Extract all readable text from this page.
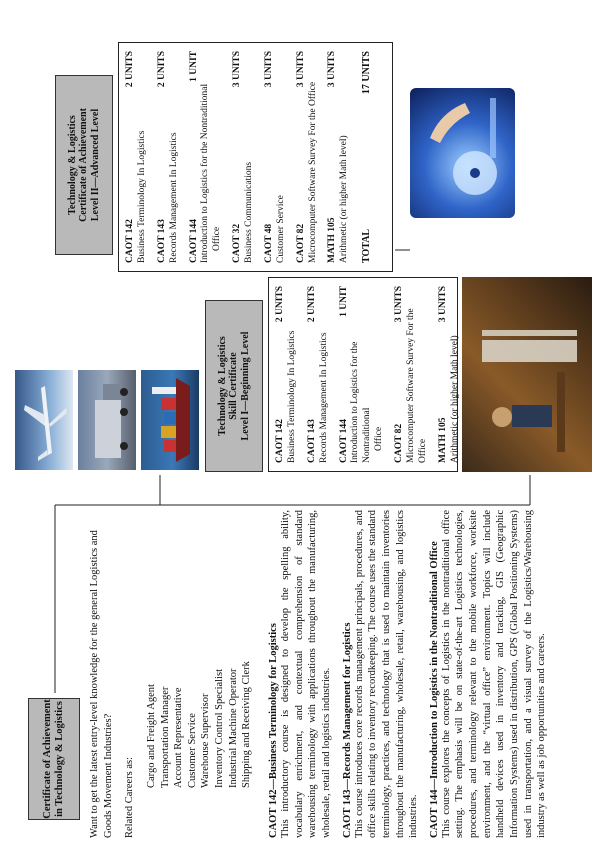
Certificate of Achievement in Technology & Logistics Want to get the latest entry-level knowledge for the general Logistics and Goods Movement Industries? Related Careers as:

Cargo and Freight Agent Transportation Manager Account Representative Customer Service Warehouse Supervisor Inventory Control Specialist Industrial Machine Operator Shipping and Receiving Clerk CAOT 142—Business Terminology for Logistics This introductory course is designed to develop the spelling ability, vocabulary enrichment, and contextual comprehension of standard warehousing terminology with applications throughout the manufacturing, wholesale, retail and logistics industries. CAOT 143—Records Management for Logistics This course introduces core records management principals, procedures, and office skills relating to inventory recordkeeping. The course uses the standard terminology, practices, and technology that is used to maintain inventories throughout the manufacturing, wholesale, retail, warehousing, and logistics industries. CAOT 144—Introduction to Logistics in the Nontraditional Office This course explores the concepts of Logistics in the nontraditional office setting. The emphasis will be on state-of-the-art Logistics technologies, procedures, and terminology relevant to the mobile workforce, worksite environment, and the “virtual office” environment. Topics will include handheld devices used in inventory and tracking, GIS (Geographic Information Systems) used in distribution, GPS (Global Positioning Systems) used in transportation, and a visual survey of the Logistics/Warehousing industry as well as job opportunities and careers.

Technology & Logistics Skill Certificate Level I—Beginning Level
CAOT 142
2 UNITS
Business Terminology In Logistics CAOT 143
2 UNITS
Records Management In Logistics CAOT 144
1 UNIT
Introduction to Logistics for the Nontraditional Office CAOT 82
3 UNITS
Microcomputer Software Survey For the Office MATH 105
3 UNITS
Arithmetic (or higher Math level)
Technology & Logistics Certificate of Achievement Level II—Advanced Level
CAOT 142
2 UNITS
Business Terminology In Logistics CAOT 143
2 UNITS
Records Management In Logistics CAOT 144
1 UNIT
Introduction to Logistics for the Nontraditional Office CAOT 32
3 UNITS
Business Communications CAOT 48
3 UNITS
Customer Service CAOT 82
3 UNITS
Microcomputer Software Survey For the Office MATH 105
3 UNITS
Arithmetic (or higher Math level) TOTAL
17 UNITS
